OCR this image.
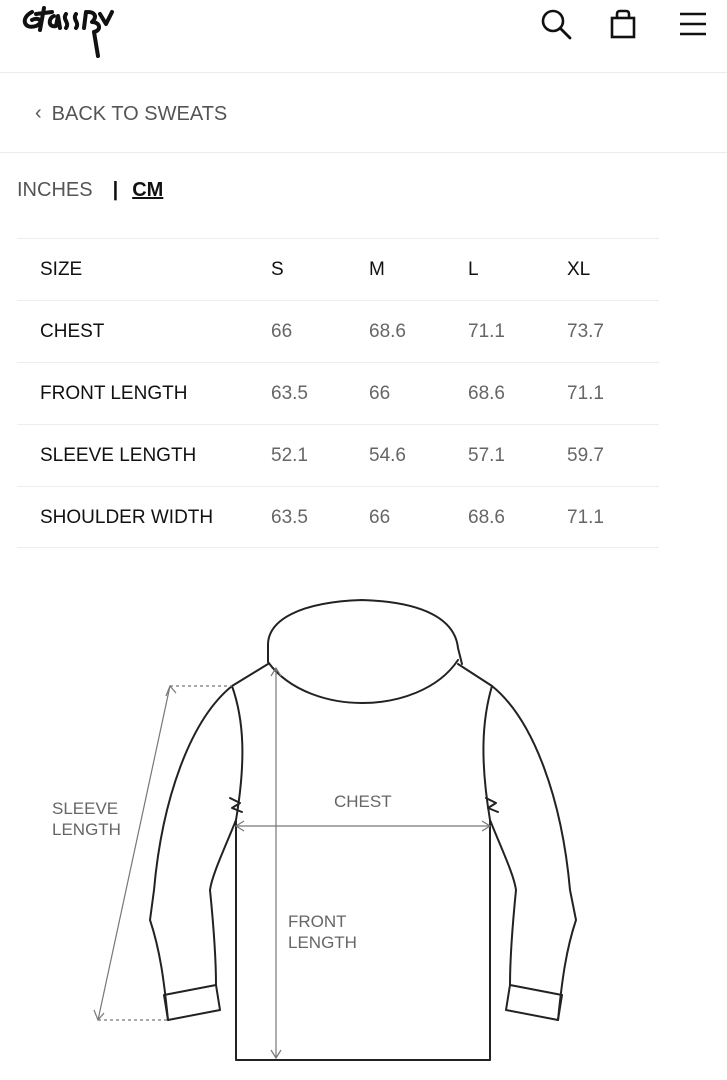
Stüssy
‹ BACK TO SWEATS
INCHES | CM
SIZE	S	M	L	XL
CHEST	66	68.6	71.1	73.7
FRONT LENGTH	63.5	66	68.6	71.1
SLEEVE LENGTH	52.1	54.6	57.1	59.7
SHOULDER WIDTH	63.5	66	68.6	71.1
SLEEVE
LENGTH
CHEST
FRONT
LENGTH
